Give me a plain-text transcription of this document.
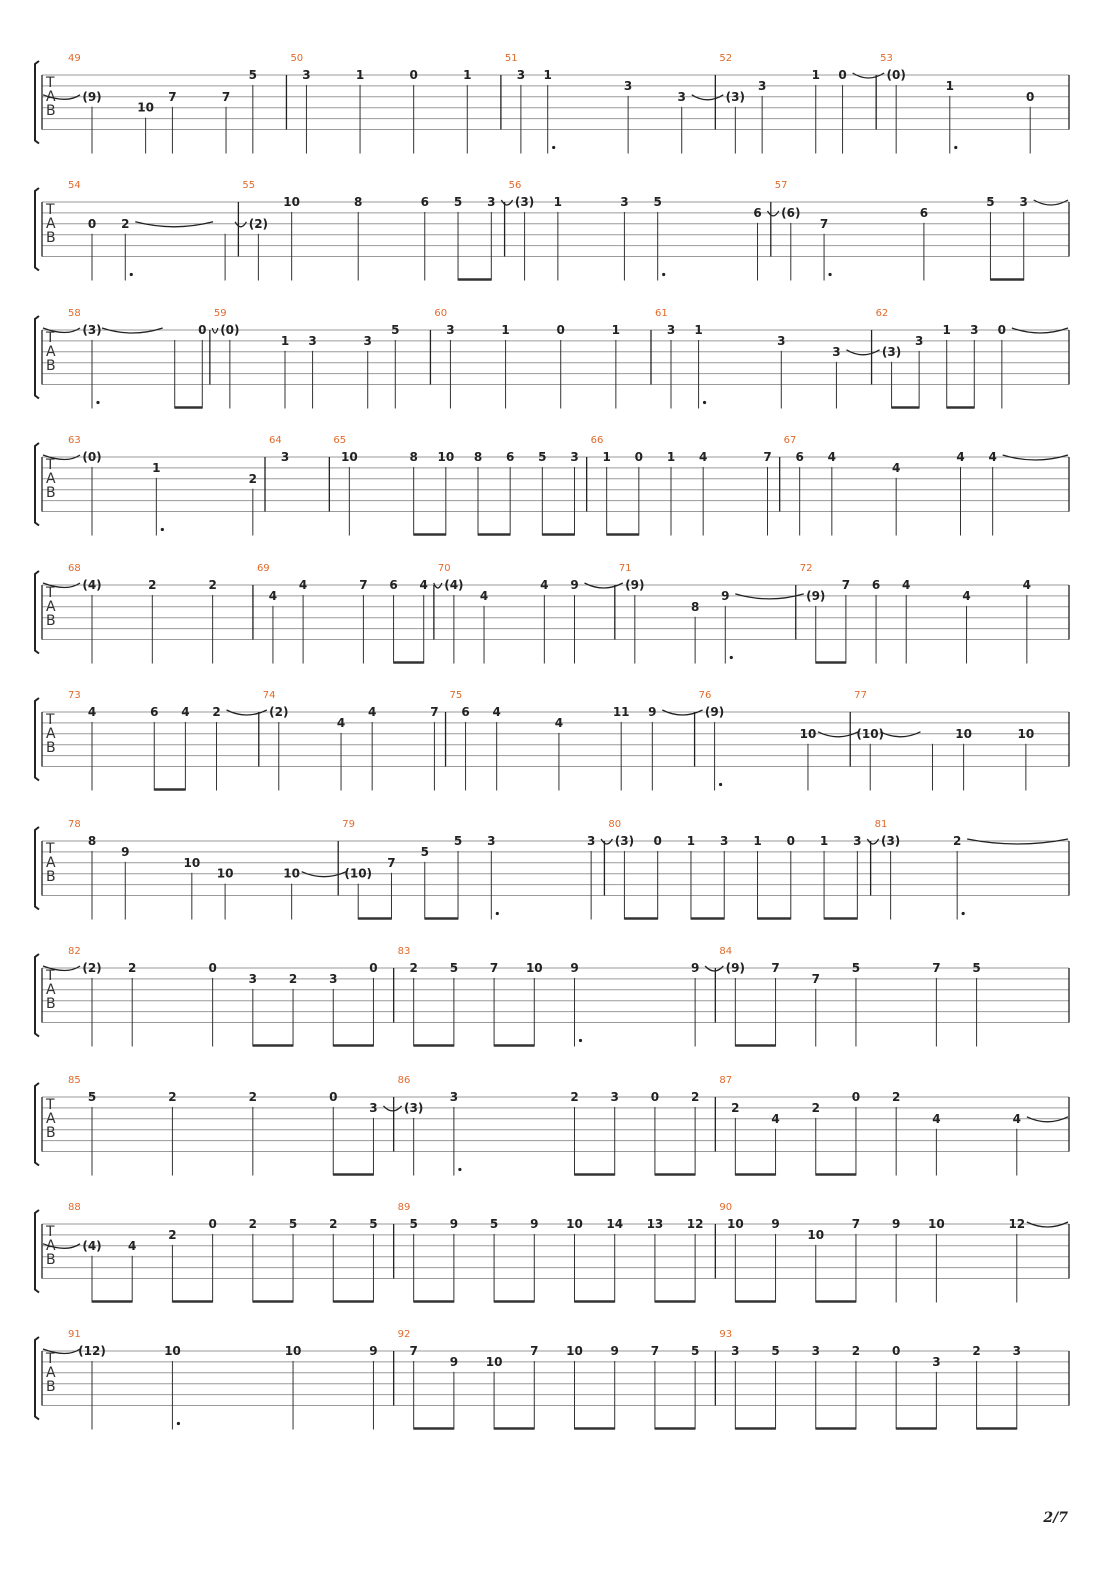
T
A
B
49
(9)
10
7	7
5
50
3	1	0	1
51
3 1
3
3
52
(3)
3
1 0
53
(0)
1
0
T
A
B
54
0 2
55
(2)
10	8	6 5 3
56
(3) 1	3 5
6
57
(6)
7
6
5 3
T
A
B
58
(3)	0
59
(0)
1 3	3
5
60
3	1	0	1
61
3 1
3
3
62
(3)
3
1 3 0
T
A
B
63
(0)
1
2
64
3
65
10	8 10 8 6 5 3
66
1 0 1 4	7
67
6 4
4
4 4
T
A
B
68
(4)	2	2
69
4
4	7 6 4
70
(4)
4
4 9
71
(9)
8
9
72
(9)
7 6 4
4
4
T
A
B
73
4	6 4 2
74
(2)
4
4	7
75
6 4
4
11 9
76
(9)
10
77
(10)	10	10
T
A
B
78
8
9
10
10	10
79
(10)
7
5
5 3	3
80
(3) 0 1 3 1 0 1 3
81
(3)	2
T
A
B
82
(2) 2	0
3	2	3
0
83
2	5	7 10 9	9
84
(9) 7
7
5	7	5
T
A
B
85
5	2	2	0
3
86
(3)
3	2	3	0	2
87
2
4
2
0	2
4	4
T
A
B
88
(4) 4
2
0	2	5	2	5
89
5	9	5	9 10 14 13 12
90
10 9
10
7	9 10	12
T
A
B
91
(12)	10	10	9
92
7
9 10
7 10 9	7	5
93
3	5	3	2	0
3
2	3
2/7
